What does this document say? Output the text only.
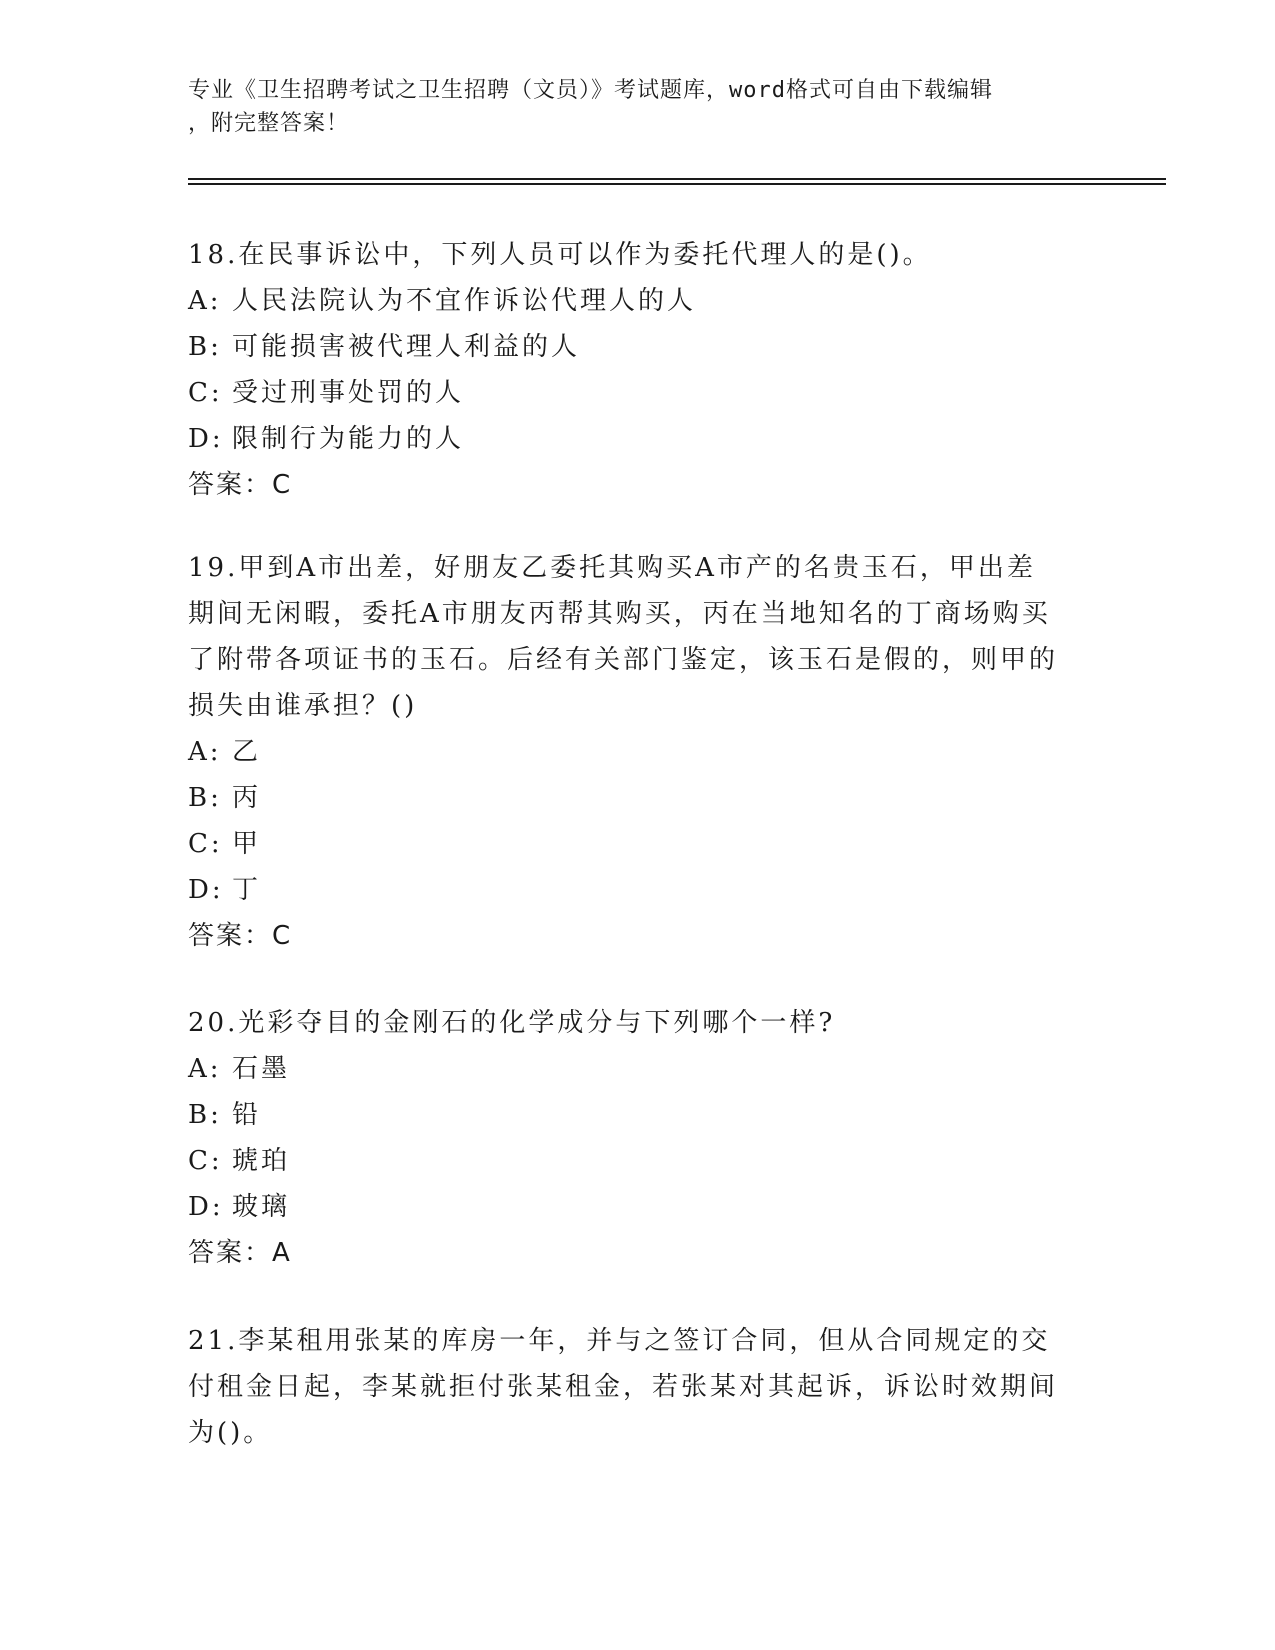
专业《卫生招聘考试之卫生招聘（文员）》考试题库，word格式可自由下载编辑
，附完整答案！

18.在民事诉讼中，下列人员可以作为委托代理人的是()。

A: 人民法院认为不宜作诉讼代理人的人

B: 可能损害被代理人利益的人

C: 受过刑事处罚的人

D: 限制行为能力的人

答案：C

19.甲到A市出差，好朋友乙委托其购买A市产的名贵玉石，甲出差期间无闲暇，委托A市朋友丙帮其购买，丙在当地知名的丁商场购买了附带各项证书的玉石。后经有关部门鉴定，该玉石是假的，则甲的损失由谁承担？()

A: 乙

B: 丙

C: 甲

D: 丁

答案：C

20.光彩夺目的金刚石的化学成分与下列哪个一样?

A: 石墨

B: 铅

C: 琥珀

D: 玻璃

答案：A

21.李某租用张某的库房一年，并与之签订合同，但从合同规定的交付租金日起，李某就拒付张某租金，若张某对其起诉，诉讼时效期间为()。
